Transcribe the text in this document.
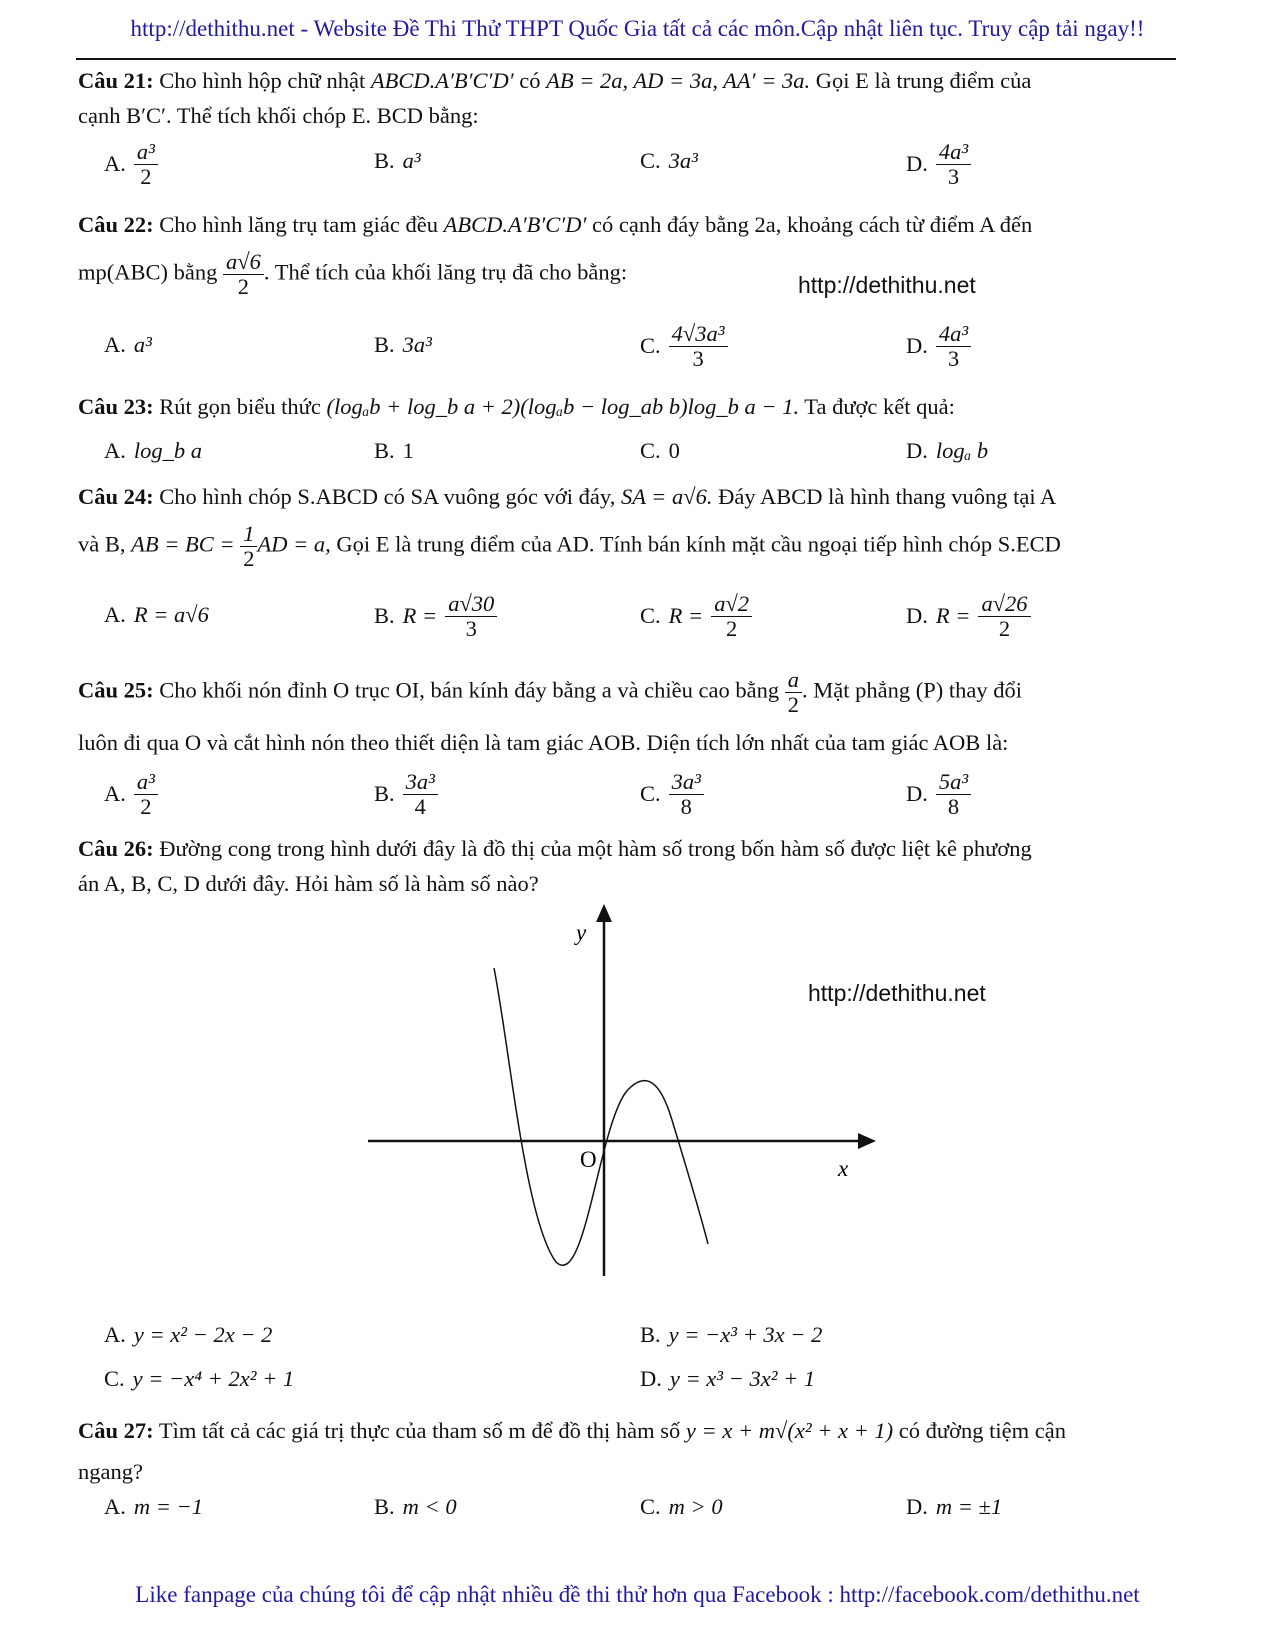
http://dethithu.net - Website Đề Thi Thử THPT Quốc Gia tất cả các môn.Cập nhật liên tục. Truy cập tải ngay!!
Câu 21: Cho hình hộp chữ nhật ABCD.A′B′C′D′ có AB = 2a, AD = 3a, AA′ = 3a. Gọi E là trung điểm của
cạnh B′C′. Thể tích khối chóp E. BCD bằng:
A. $\frac{\text{a³}}{2}$	B. a³	C. 3a³	D. $\frac{\text{4a³}}{3}$
Câu 22: Cho hình lăng trụ tam giác đều ABCD.A′B′C′D′ có cạnh đáy bằng 2a, khoảng cách từ điểm A đến
mp(ABC) bằng $\frac{a√6}{2}$ . Thể tích của khối lăng trụ đã cho bằng:
http://dethithu.net
A. a³	B. 3a³	C. $\frac{\text{4√3a³}}{3}$	D. $\frac{\text{4a³}}{3}$
Câu 23: Rút gọn biểu thức (logₐb + log_b a + 2)(logₐb − log_ab b)log_b a − 1. Ta được kết quả:
A. log_b a	B. 1	C. 0	D. logₐ b
Câu 24: Cho hình chóp S.ABCD có SA vuông góc với đáy, SA = a√6. Đáy ABCD là hình thang vuông tại A
và B, AB = BC = $\frac{1}{2}$ AD = a, Gọi E là trung điểm của AD. Tính bán kính mặt cầu ngoại tiếp hình chóp S.ECD
A. R = a√6	B. $R = \frac{a√30}{3}$	C. $R = \frac{a√2}{2}$	D. $R = \frac{a√26}{2}$
Câu 25: Cho khối nón đỉnh O trục OI, bán kính đáy bằng a và chiều cao bằng $\frac{a}{2}$ . Mặt phẳng (P) thay đổi
luôn đi qua O và cắt hình nón theo thiết diện là tam giác AOB. Diện tích lớn nhất của tam giác AOB là:
A. $\frac{\text{a³}}{2}$	B. $\frac{\text{3a³}}{4}$	C. $\frac{\text{3a³}}{8}$	D. $\frac{\text{5a³}}{8}$
Câu 26: Đường cong trong hình dưới đây là đồ thị của một hàm số trong bốn hàm số được liệt kê phương
án A, B, C, D dưới đây. Hỏi hàm số là hàm số nào?
y
x
O
http://dethithu.net
A. y = x² − 2x − 2	B. y = −x³ + 3x − 2
C. y = −x⁴ + 2x² + 1	D. y = x³ − 3x² + 1
Câu 27: Tìm tất cả các giá trị thực của tham số m để đồ thị hàm số y = x + m√(x² + x + 1) có đường tiệm cận
ngang?
A. m = −1	B. m < 0	C. m > 0	D. m = ±1
Like fanpage của chúng tôi để cập nhật nhiều đề thi thử hơn qua Facebook : http://facebook.com/dethithu.net
